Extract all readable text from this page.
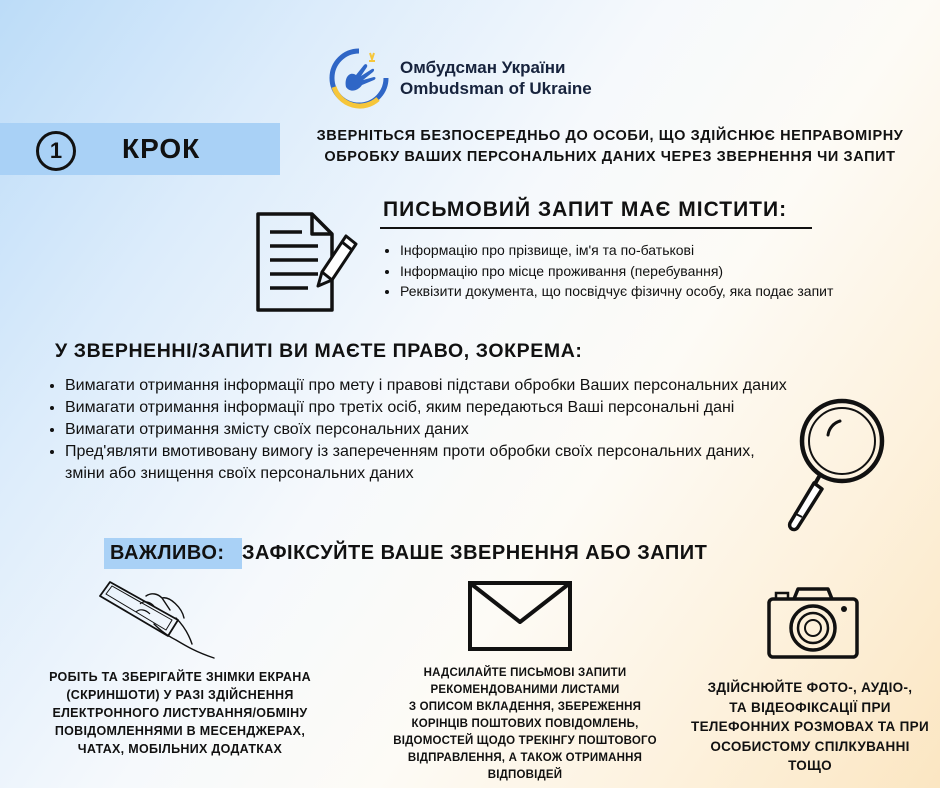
Омбудсман України
Ombudsman of Ukraine
1	КРОК	ЗВЕРНІТЬСЯ БЕЗПОСЕРЕДНЬО ДО ОСОБИ, ЩО ЗДІЙСНЮЄ НЕПРАВОМІРНУ
ОБРОБКУ ВАШИХ ПЕРСОНАЛЬНИХ ДАНИХ ЧЕРЕЗ ЗВЕРНЕННЯ ЧИ ЗАПИТ
ПИСЬМОВИЙ ЗАПИТ МАЄ МІСТИТИ:
• Інформацію про прізвище, ім'я та по-батькові
• Інформацію про місце проживання (перебування)
• Реквізити документа, що посвідчує фізичну особу, яка подає запит
У ЗВЕРНЕННІ/ЗАПИТІ ВИ МАЄТЕ ПРАВО, ЗОКРЕМА:
• Вимагати отримання інформації про мету і правові підстави обробки Ваших персональних даних
• Вимагати отримання інформації про третіх осіб, яким передаються Ваші персональні дані
• Вимагати отримання змісту своїх персональних даних
• Пред'являти вмотивовану вимогу із запереченням проти обробки своїх персональних даних, зміни або знищення своїх персональних даних
ВАЖЛИВО: ЗАФІКСУЙТЕ ВАШЕ ЗВЕРНЕННЯ АБО ЗАПИТ
РОБІТЬ ТА ЗБЕРІГАЙТЕ ЗНІМКИ ЕКРАНА
(СКРИНШОТИ) У РАЗІ ЗДІЙСНЕННЯ
ЕЛЕКТРОННОГО ЛИСТУВАННЯ/ОБМІНУ
ПОВІДОМЛЕННЯМИ В МЕСЕНДЖЕРАХ,
ЧАТАХ, МОБІЛЬНИХ ДОДАТКАХ
НАДСИЛАЙТЕ ПИСЬМОВІ ЗАПИТИ
РЕКОМЕНДОВАНИМИ ЛИСТАМИ
З ОПИСОМ ВКЛАДЕННЯ, ЗБЕРЕЖЕННЯ
КОРІНЦІВ ПОШТОВИХ ПОВІДОМЛЕНЬ,
ВІДОМОСТЕЙ ЩОДО ТРЕКІНГУ ПОШТОВОГО
ВІДПРАВЛЕННЯ, А ТАКОЖ ОТРИМАННЯ
ВІДПОВІДЕЙ
ЗДІЙСНЮЙТЕ ФОТО-, АУДІО-,
ТА ВІДЕОФІКСАЦІЇ ПРИ
ТЕЛЕФОННИХ РОЗМОВАХ ТА ПРИ
ОСОБИСТОМУ СПІЛКУВАННІ
ТОЩО
